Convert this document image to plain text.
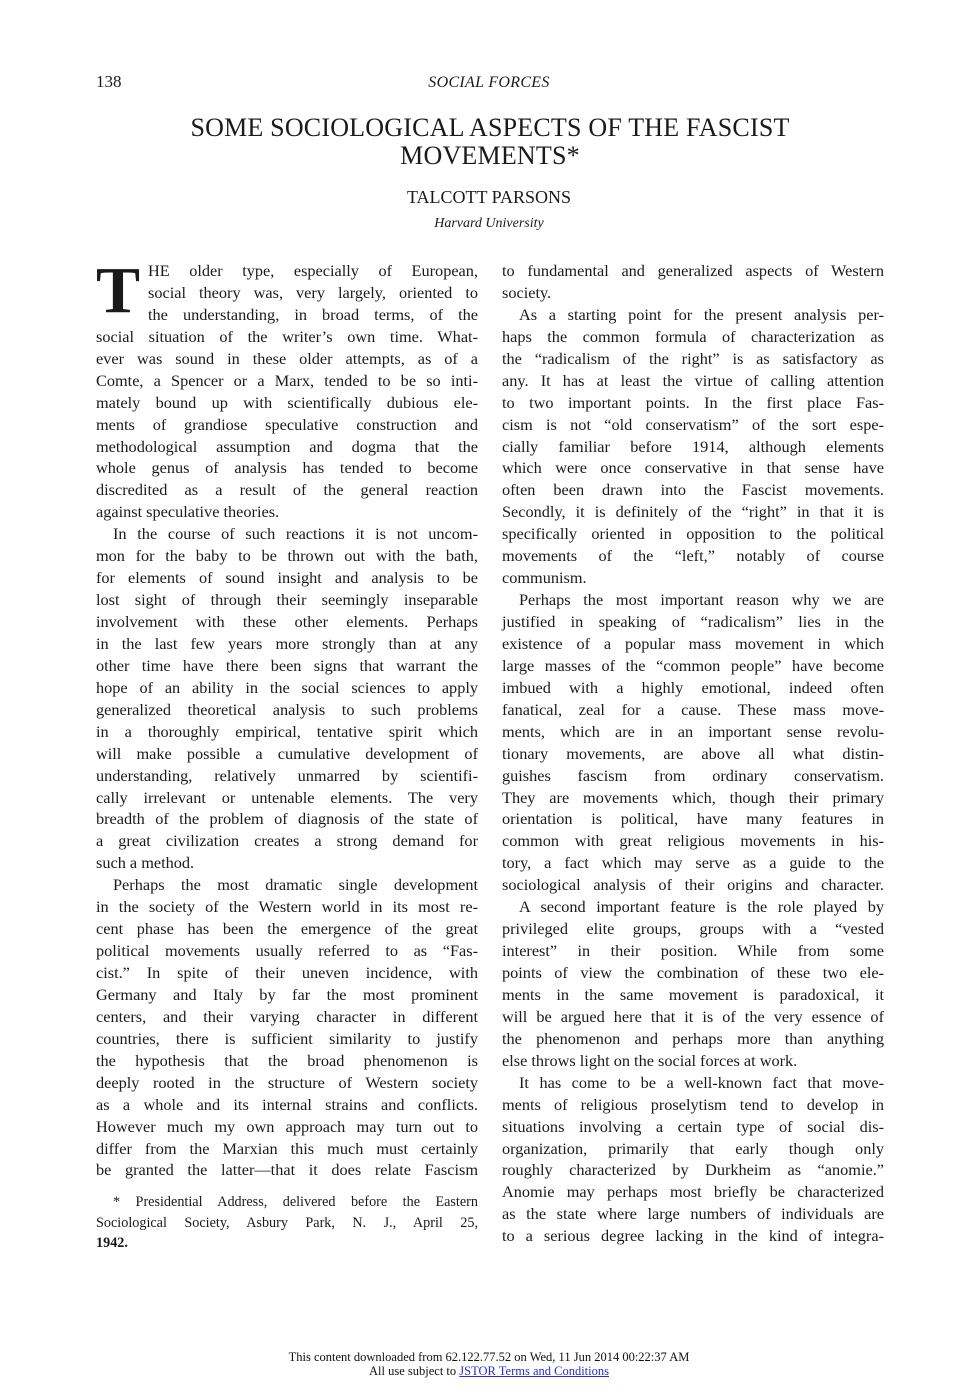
138	SOCIAL FORCES
SOME SOCIOLOGICAL ASPECTS OF THE FASCIST
MOVEMENTS*
TALCOTT PARSONS
Harvard University
T HE older type, especially of European,
social theory was, very largely, oriented to
the understanding, in broad terms, of the
social situation of the writer’s own time. What-
ever was sound in these older attempts, as of a
Comte, a Spencer or a Marx, tended to be so inti-
mately bound up with scientifically dubious ele-
ments of grandiose speculative construction and
methodological assumption and dogma that the
whole genus of analysis has tended to become
discredited as a result of the general reaction
against speculative theories.
In the course of such reactions it is not uncom-
mon for the baby to be thrown out with the bath,
for elements of sound insight and analysis to be
lost sight of through their seemingly inseparable
involvement with these other elements. Perhaps
in the last few years more strongly than at any
other time have there been signs that warrant the
hope of an ability in the social sciences to apply
generalized theoretical analysis to such problems
in a thoroughly empirical, tentative spirit which
will make possible a cumulative development of
understanding, relatively unmarred by scientifi-
cally irrelevant or untenable elements. The very
breadth of the problem of diagnosis of the state of
a great civilization creates a strong demand for
such a method.
Perhaps the most dramatic single development
in the society of the Western world in its most re-
cent phase has been the emergence of the great
political movements usually referred to as “Fas-
cist.” In spite of their uneven incidence, with
Germany and Italy by far the most prominent
centers, and their varying character in different
countries, there is sufficient similarity to justify
the hypothesis that the broad phenomenon is
deeply rooted in the structure of Western society
as a whole and its internal strains and conflicts.
However much my own approach may turn out to
differ from the Marxian this much must certainly
be granted the latter—that it does relate Fascism
* Presidential Address, delivered before the Eastern
Sociological Society, Asbury Park, N. J., April 25,
1942.
to fundamental and generalized aspects of Western
society.
As a starting point for the present analysis per-
haps the common formula of characterization as
the “radicalism of the right” is as satisfactory as
any. It has at least the virtue of calling attention
to two important points. In the first place Fas-
cism is not “old conservatism” of the sort espe-
cially familiar before 1914, although elements
which were once conservative in that sense have
often been drawn into the Fascist movements.
Secondly, it is definitely of the “right” in that it is
specifically oriented in opposition to the political
movements of the “left,” notably of course
communism.
Perhaps the most important reason why we are
justified in speaking of “radicalism” lies in the
existence of a popular mass movement in which
large masses of the “common people” have become
imbued with a highly emotional, indeed often
fanatical, zeal for a cause. These mass move-
ments, which are in an important sense revolu-
tionary movements, are above all what distin-
guishes fascism from ordinary conservatism.
They are movements which, though their primary
orientation is political, have many features in
common with great religious movements in his-
tory, a fact which may serve as a guide to the
sociological analysis of their origins and character.
A second important feature is the role played by
privileged elite groups, groups with a “vested
interest” in their position. While from some
points of view the combination of these two ele-
ments in the same movement is paradoxical, it
will be argued here that it is of the very essence of
the phenomenon and perhaps more than anything
else throws light on the social forces at work.
It has come to be a well-known fact that move-
ments of religious proselytism tend to develop in
situations involving a certain type of social dis-
organization, primarily that early though only
roughly characterized by Durkheim as “anomie.”
Anomie may perhaps most briefly be characterized
as the state where large numbers of individuals are
to a serious degree lacking in the kind of integra-
This content downloaded from 62.122.77.52 on Wed, 11 Jun 2014 00:22:37 AM
All use subject to JSTOR Terms and Conditions
